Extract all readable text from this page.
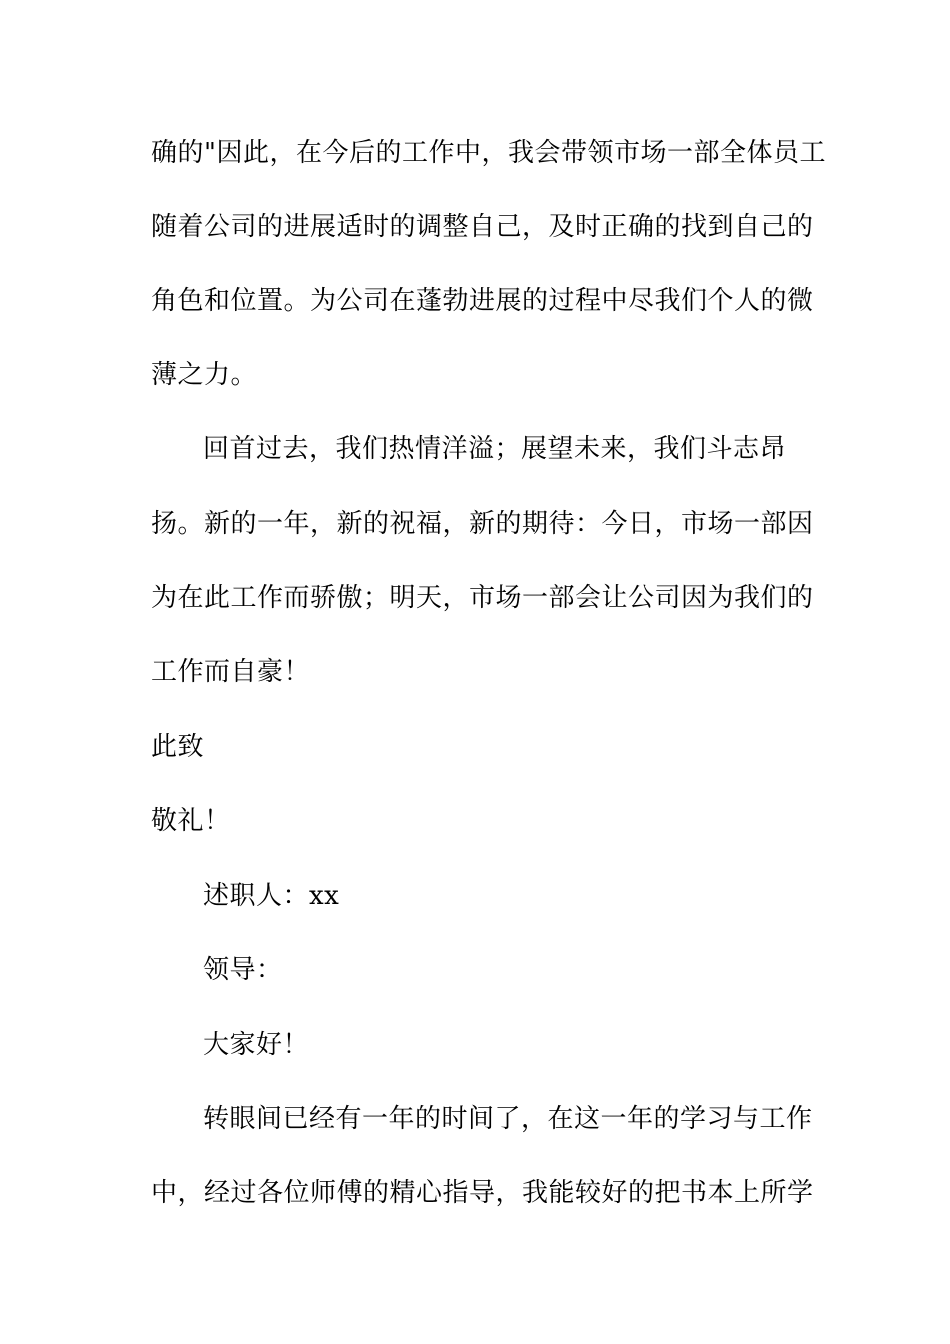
确的"因此，在今后的工作中，我会带领市场一部全体员工
随着公司的进展适时的调整自己，及时正确的找到自己的
角色和位置。为公司在蓬勃进展的过程中尽我们个人的微
薄之力。
回首过去，我们热情洋溢；展望未来，我们斗志昂
扬。新的一年，新的祝福，新的期待：今日，市场一部因
为在此工作而骄傲；明天，市场一部会让公司因为我们的
工作而自豪！
此致
敬礼！
述职人：xx
领导：
大家好！
转眼间已经有一年的时间了，在这一年的学习与工作
中，经过各位师傅的精心指导，我能较好的把书本上所学
